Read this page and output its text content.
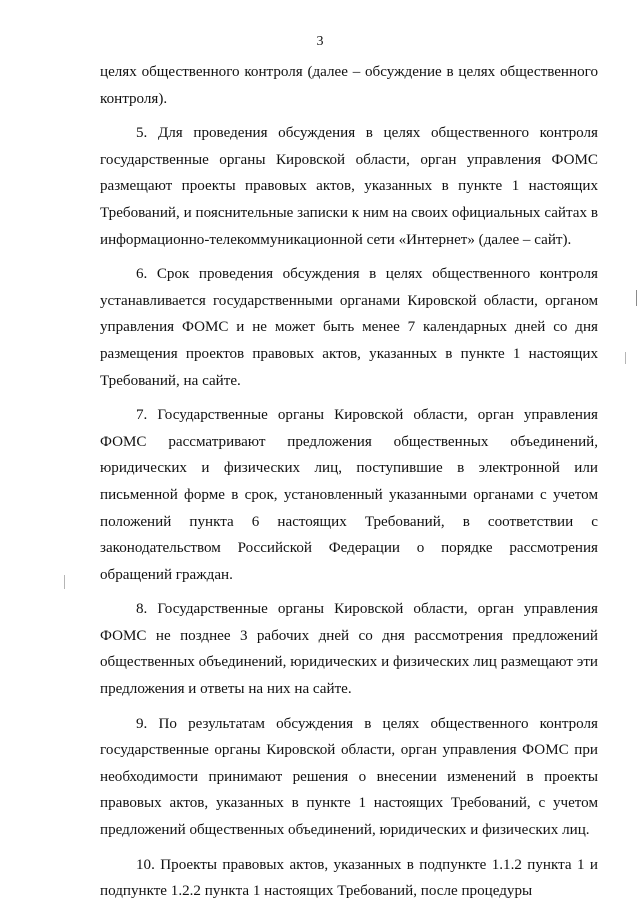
3

целях общественного контроля (далее – обсуждение в целях общественного контроля).

5. Для проведения обсуждения в целях общественного контроля государственные органы Кировской области, орган управления ФОМС размещают проекты правовых актов, указанных в пункте 1 настоящих Требований, и пояснительные записки к ним на своих официальных сайтах в информационно-телекоммуникационной сети «Интернет» (далее – сайт).

6. Срок проведения обсуждения в целях общественного контроля устанавливается государственными органами Кировской области, органом управления ФОМС и не может быть менее 7 календарных дней со дня размещения проектов правовых актов, указанных в пункте 1 настоящих Требований, на сайте.

7. Государственные органы Кировской области, орган управления ФОМС рассматривают предложения общественных объединений, юридических и физических лиц, поступившие в электронной или письменной форме в срок, установленный указанными органами с учетом положений пункта 6 настоящих Требований, в соответствии с законодательством Российской Федерации о порядке рассмотрения обращений граждан.

8. Государственные органы Кировской области, орган управления ФОМС не позднее 3 рабочих дней со дня рассмотрения предложений общественных объединений, юридических и физических лиц размещают эти предложения и ответы на них на сайте.

9. По результатам обсуждения в целях общественного контроля государственные органы Кировской области, орган управления ФОМС при необходимости принимают решения о внесении изменений в проекты правовых актов, указанных в пункте 1 настоящих Требований, с учетом предложений общественных объединений, юридических и физических лиц.

10. Проекты правовых актов, указанных в подпункте 1.1.2 пункта 1 и подпункте 1.2.2 пункта 1 настоящих Требований, после процедуры
